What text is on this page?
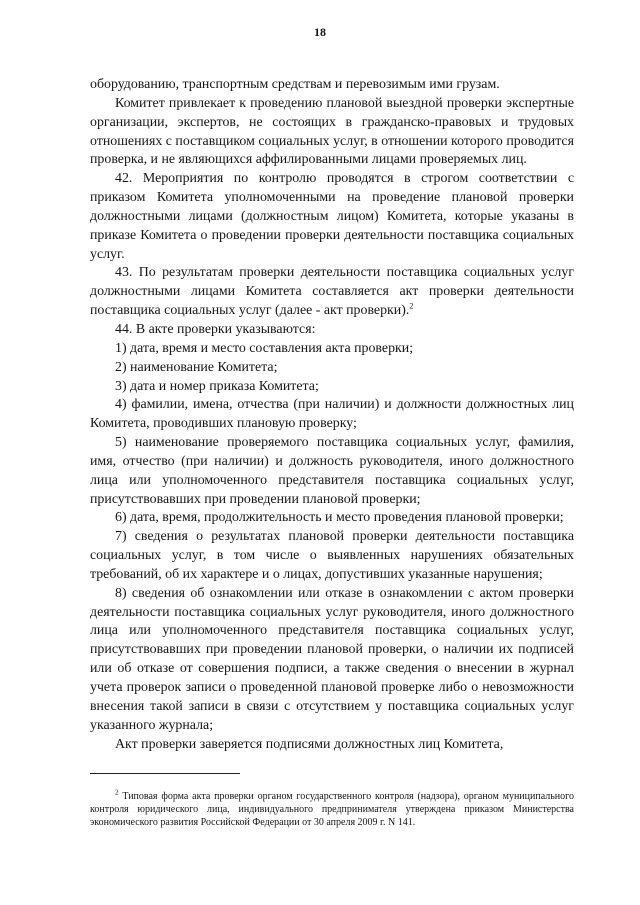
18

оборудованию, транспортным средствам и перевозимым ими грузам.

Комитет привлекает к проведению плановой выездной проверки экспертные организации, экспертов, не состоящих в гражданско-правовых и трудовых отношениях с поставщиком социальных услуг, в отношении которого проводится проверка, и не являющихся аффилированными лицами проверяемых лиц.

42. Мероприятия по контролю проводятся в строгом соответствии с приказом Комитета уполномоченными на проведение плановой проверки должностными лицами (должностным лицом) Комитета, которые указаны в приказе Комитета о проведении проверки деятельности поставщика социальных услуг.

43. По результатам проверки деятельности поставщика социальных услуг должностными лицами Комитета составляется акт проверки деятельности поставщика социальных услуг (далее - акт проверки).$^2$

44. В акте проверки указываются:

1) дата, время и место составления акта проверки;

2) наименование Комитета;

3) дата и номер приказа Комитета;

4) фамилии, имена, отчества (при наличии) и должности должностных лиц Комитета, проводивших плановую проверку;

5) наименование проверяемого поставщика социальных услуг, фамилия, имя, отчество (при наличии) и должность руководителя, иного должностного лица или уполномоченного представителя поставщика социальных услуг, присутствовавших при проведении плановой проверки;

6) дата, время, продолжительность и место проведения плановой проверки;

7) сведения о результатах плановой проверки деятельности поставщика социальных услуг, в том числе о выявленных нарушениях обязательных требований, об их характере и о лицах, допустивших указанные нарушения;

8) сведения об ознакомлении или отказе в ознакомлении с актом проверки деятельности поставщика социальных услуг руководителя, иного должностного лица или уполномоченного представителя поставщика социальных услуг, присутствовавших при проведении плановой проверки, о наличии их подписей или об отказе от совершения подписи, а также сведения о внесении в журнал учета проверок записи о проведенной плановой проверке либо о невозможности внесения такой записи в связи с отсутствием у поставщика социальных услуг указанного журнала;

Акт проверки заверяется подписями должностных лиц Комитета,

$^2$ Типовая форма акта проверки органом государственного контроля (надзора), органом муниципального контроля юридического лица, индивидуального предпринимателя утверждена приказом Министерства экономического развития Российской Федерации от 30 апреля 2009 г. N 141.
